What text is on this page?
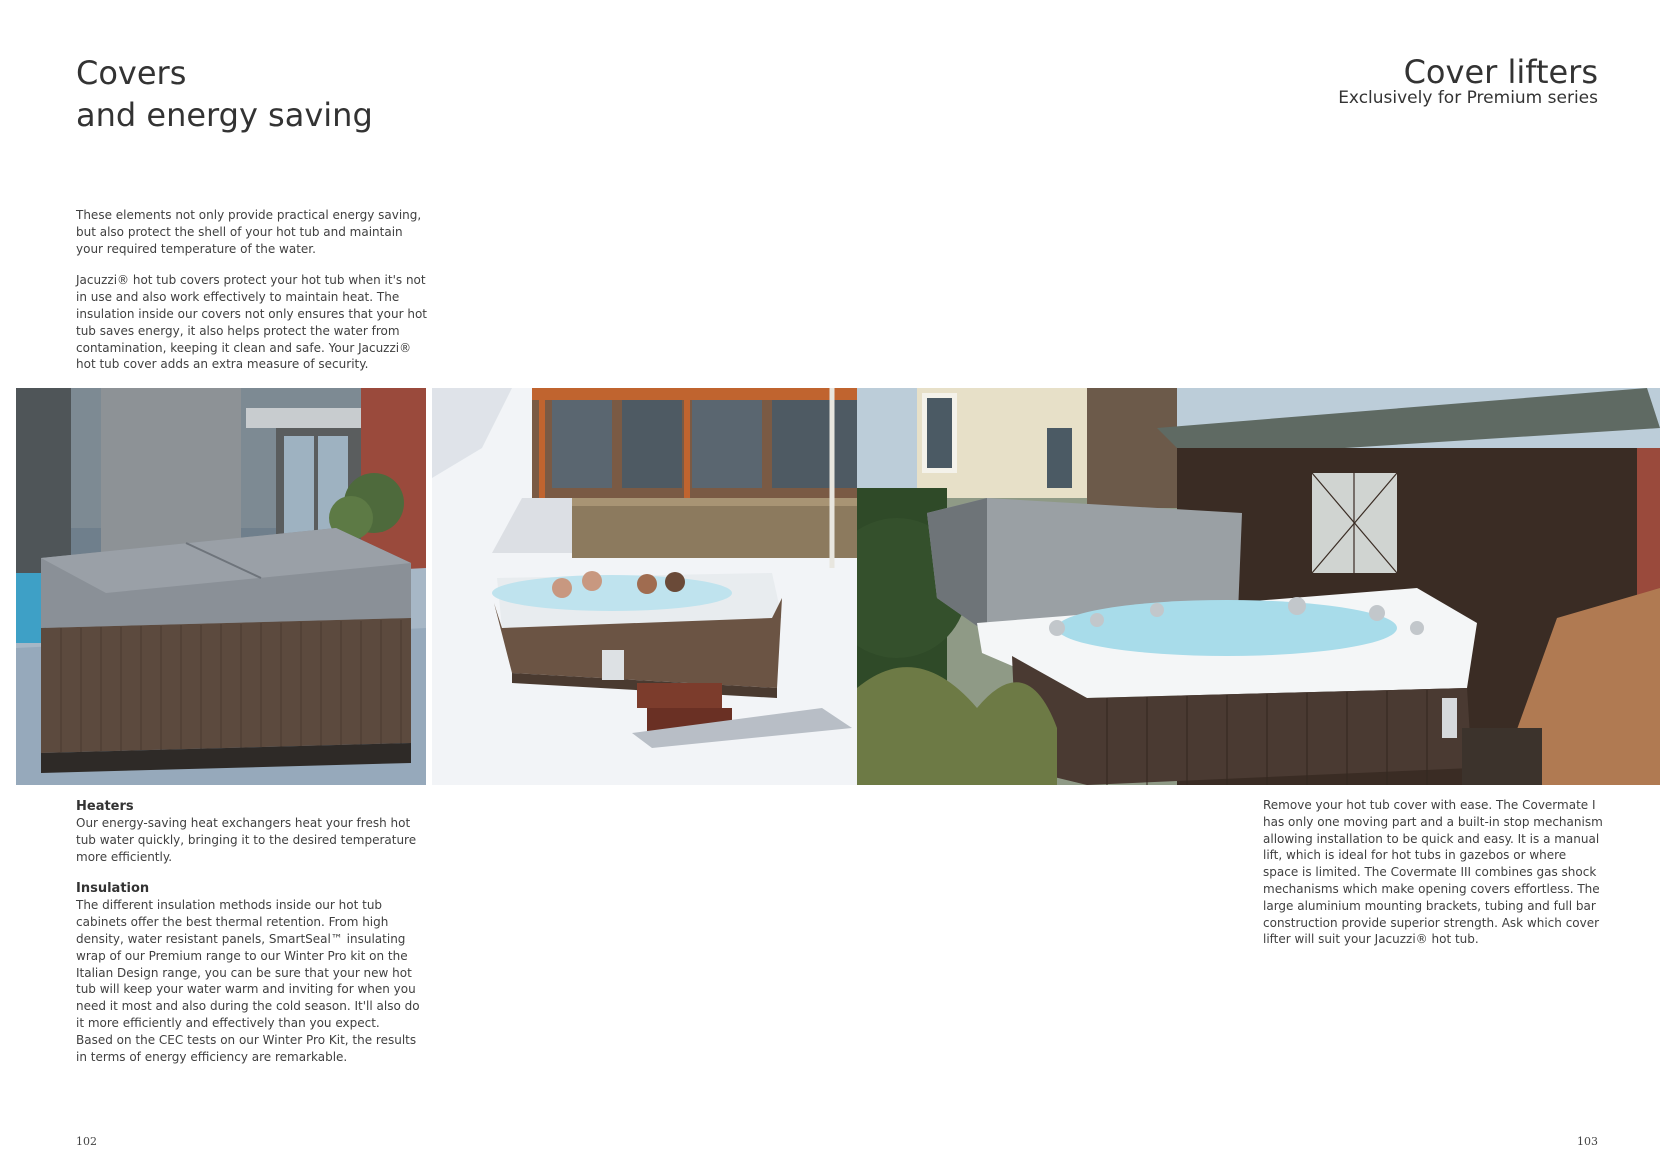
Covers
and energy saving
Cover lifters
Exclusively for Premium series

These elements not only provide practical energy saving, but also protect the shell of your hot tub and maintain your required temperature of the water.

Jacuzzi® hot tub covers protect your hot tub when it's not in use and also work effectively to maintain heat. The insulation inside our covers not only ensures that your hot tub saves energy, it also helps protect the water from contamination, keeping it clean and safe. Your Jacuzzi® hot tub cover adds an extra measure of security.

Heaters

Our energy-saving heat exchangers heat your fresh hot tub water quickly, bringing it to the desired temperature more efficiently.

Insulation

The different insulation methods inside our hot tub cabinets offer the best thermal retention. From high density, water resistant panels, SmartSeal™ insulating wrap of our Premium range to our Winter Pro kit on the Italian Design range, you can be sure that your new hot tub will keep your water warm and inviting for when you need it most and also during the cold season. It'll also do it more efficiently and effectively than you expect.

Based on the CEC tests on our Winter Pro Kit, the results in terms of energy efficiency are remarkable.

Remove your hot tub cover with ease. The Covermate I has only one moving part and a built-in stop mechanism allowing installation to be quick and easy. It is a manual lift, which is ideal for hot tubs in gazebos or where space is limited. The Covermate III combines gas shock mechanisms which make opening covers effortless. The large aluminium mounting brackets, tubing and full bar construction provide superior strength. Ask which cover lifter will suit your Jacuzzi® hot tub.

102	103
